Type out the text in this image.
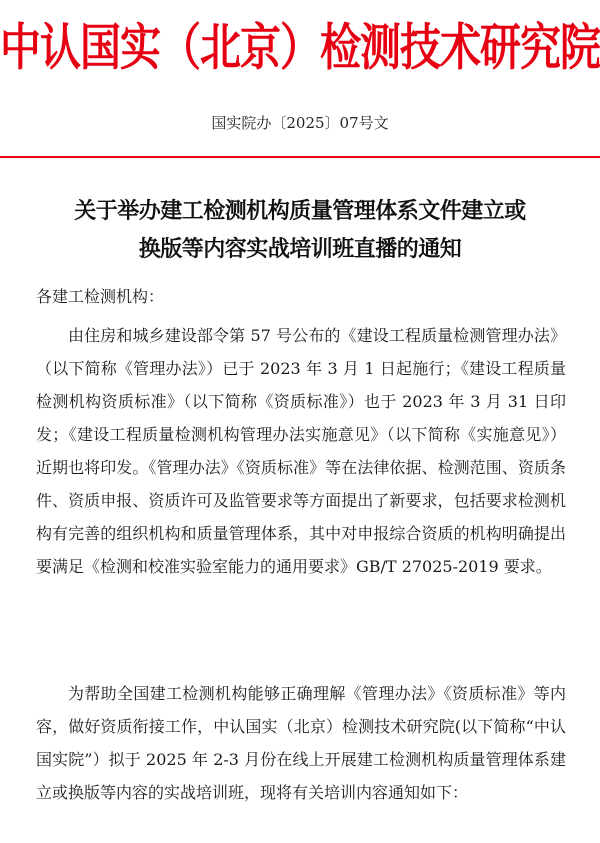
中认国实（北京）检测技术研究院
国实院办〔2025〕07号文
关于举办建工检测机构质量管理体系文件建立或
换版等内容实战培训班直播的通知
各建工检测机构：

由住房和城乡建设部令第 57 号公布的《建设工程质量检测管理办法》（以下简称《管理办法》）已于 2023 年 3 月 1 日起施行；《建设工程质量检测机构资质标准》（以下简称《资质标准》）也于 2023 年 3 月 31 日印发；《建设工程质量检测机构管理办法实施意见》（以下简称《实施意见》）近期也将印发。《管理办法》《资质标准》等在法律依据、检测范围、资质条件、资质申报、资质许可及监管要求等方面提出了新要求，包括要求检测机构有完善的组织机构和质量管理体系，其中对申报综合资质的机构明确提出要满足《检测和校准实验室能力的通用要求》GB/T 27025-2019 要求。

为帮助全国建工检测机构能够正确理解《管理办法》《资质标准》等内容，做好资质衔接工作，中认国实（北京）检测技术研究院(以下简称“中认国实院”）拟于 2025 年 2-3 月份在线上开展建工检测机构质量管理体系建立或换版等内容的实战培训班，现将有关培训内容通知如下：
